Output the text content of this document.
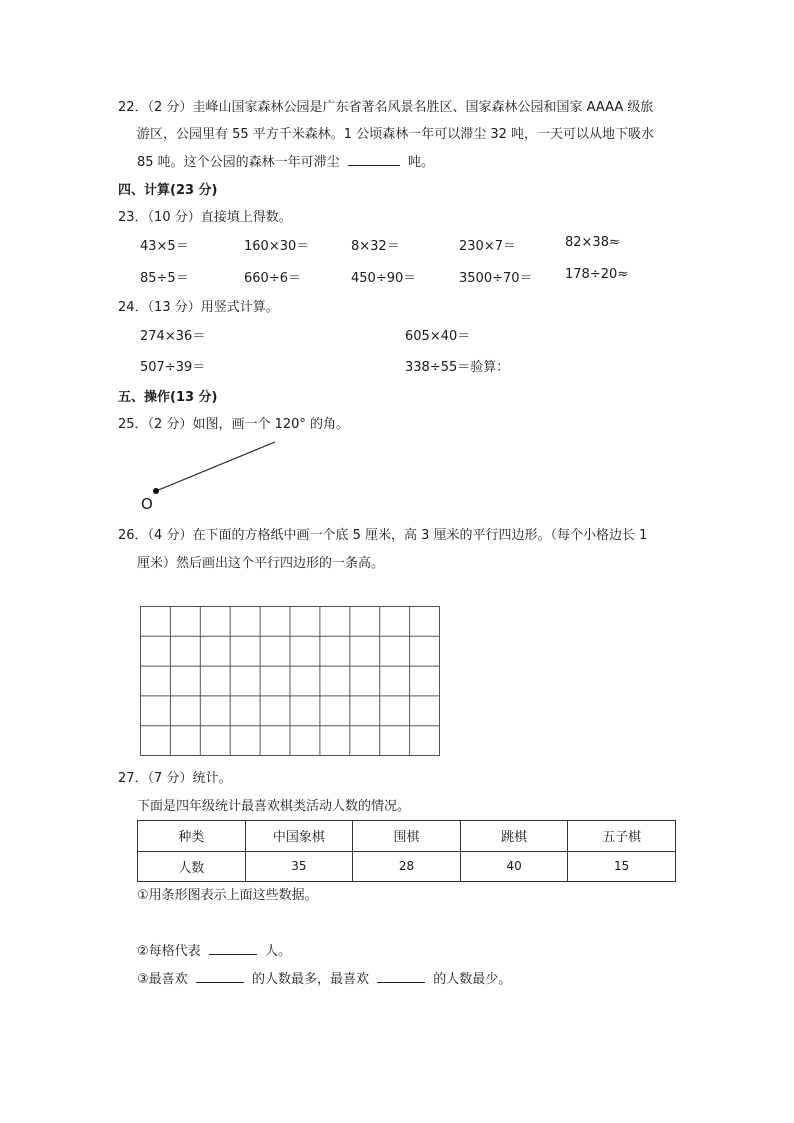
22．（2 分）圭峰山国家森林公园是广东省著名风景名胜区、国家森林公园和国家 AAAA 级旅
游区，公园里有 55 平方千米森林。1 公顷森林一年可以滞尘 32 吨，一天可以从地下吸水
85 吨。这个公园的森林一年可滞尘	吨。
四、计算(23 分)
23．（10 分）直接填上得数。
43×5＝	160×30＝	8×32＝	230×7＝	82×38≈
85÷5＝	660÷6＝	450÷90＝	3500÷70＝ 178÷20≈
24．（13 分）用竖式计算。
274×36＝	605×40＝
507÷39＝	338÷55＝验算：
五、操作(13 分)
25．（2 分）如图，画一个 120° 的角。
O
26．（4 分）在下面的方格纸中画一个底 5 厘米，高 3 厘米的平行四边形。（每个小格边长 1
厘米）然后画出这个平行四边形的一条高。
27．（7 分）统计。
下面是四年级统计最喜欢棋类活动人数的情况。
种类	中国象棋	围棋	跳棋	五子棋
人数	35	28	40	15
①用条形图表示上面这些数据。
②每格代表	人。
③最喜欢	的人数最多，最喜欢	的人数最少。
